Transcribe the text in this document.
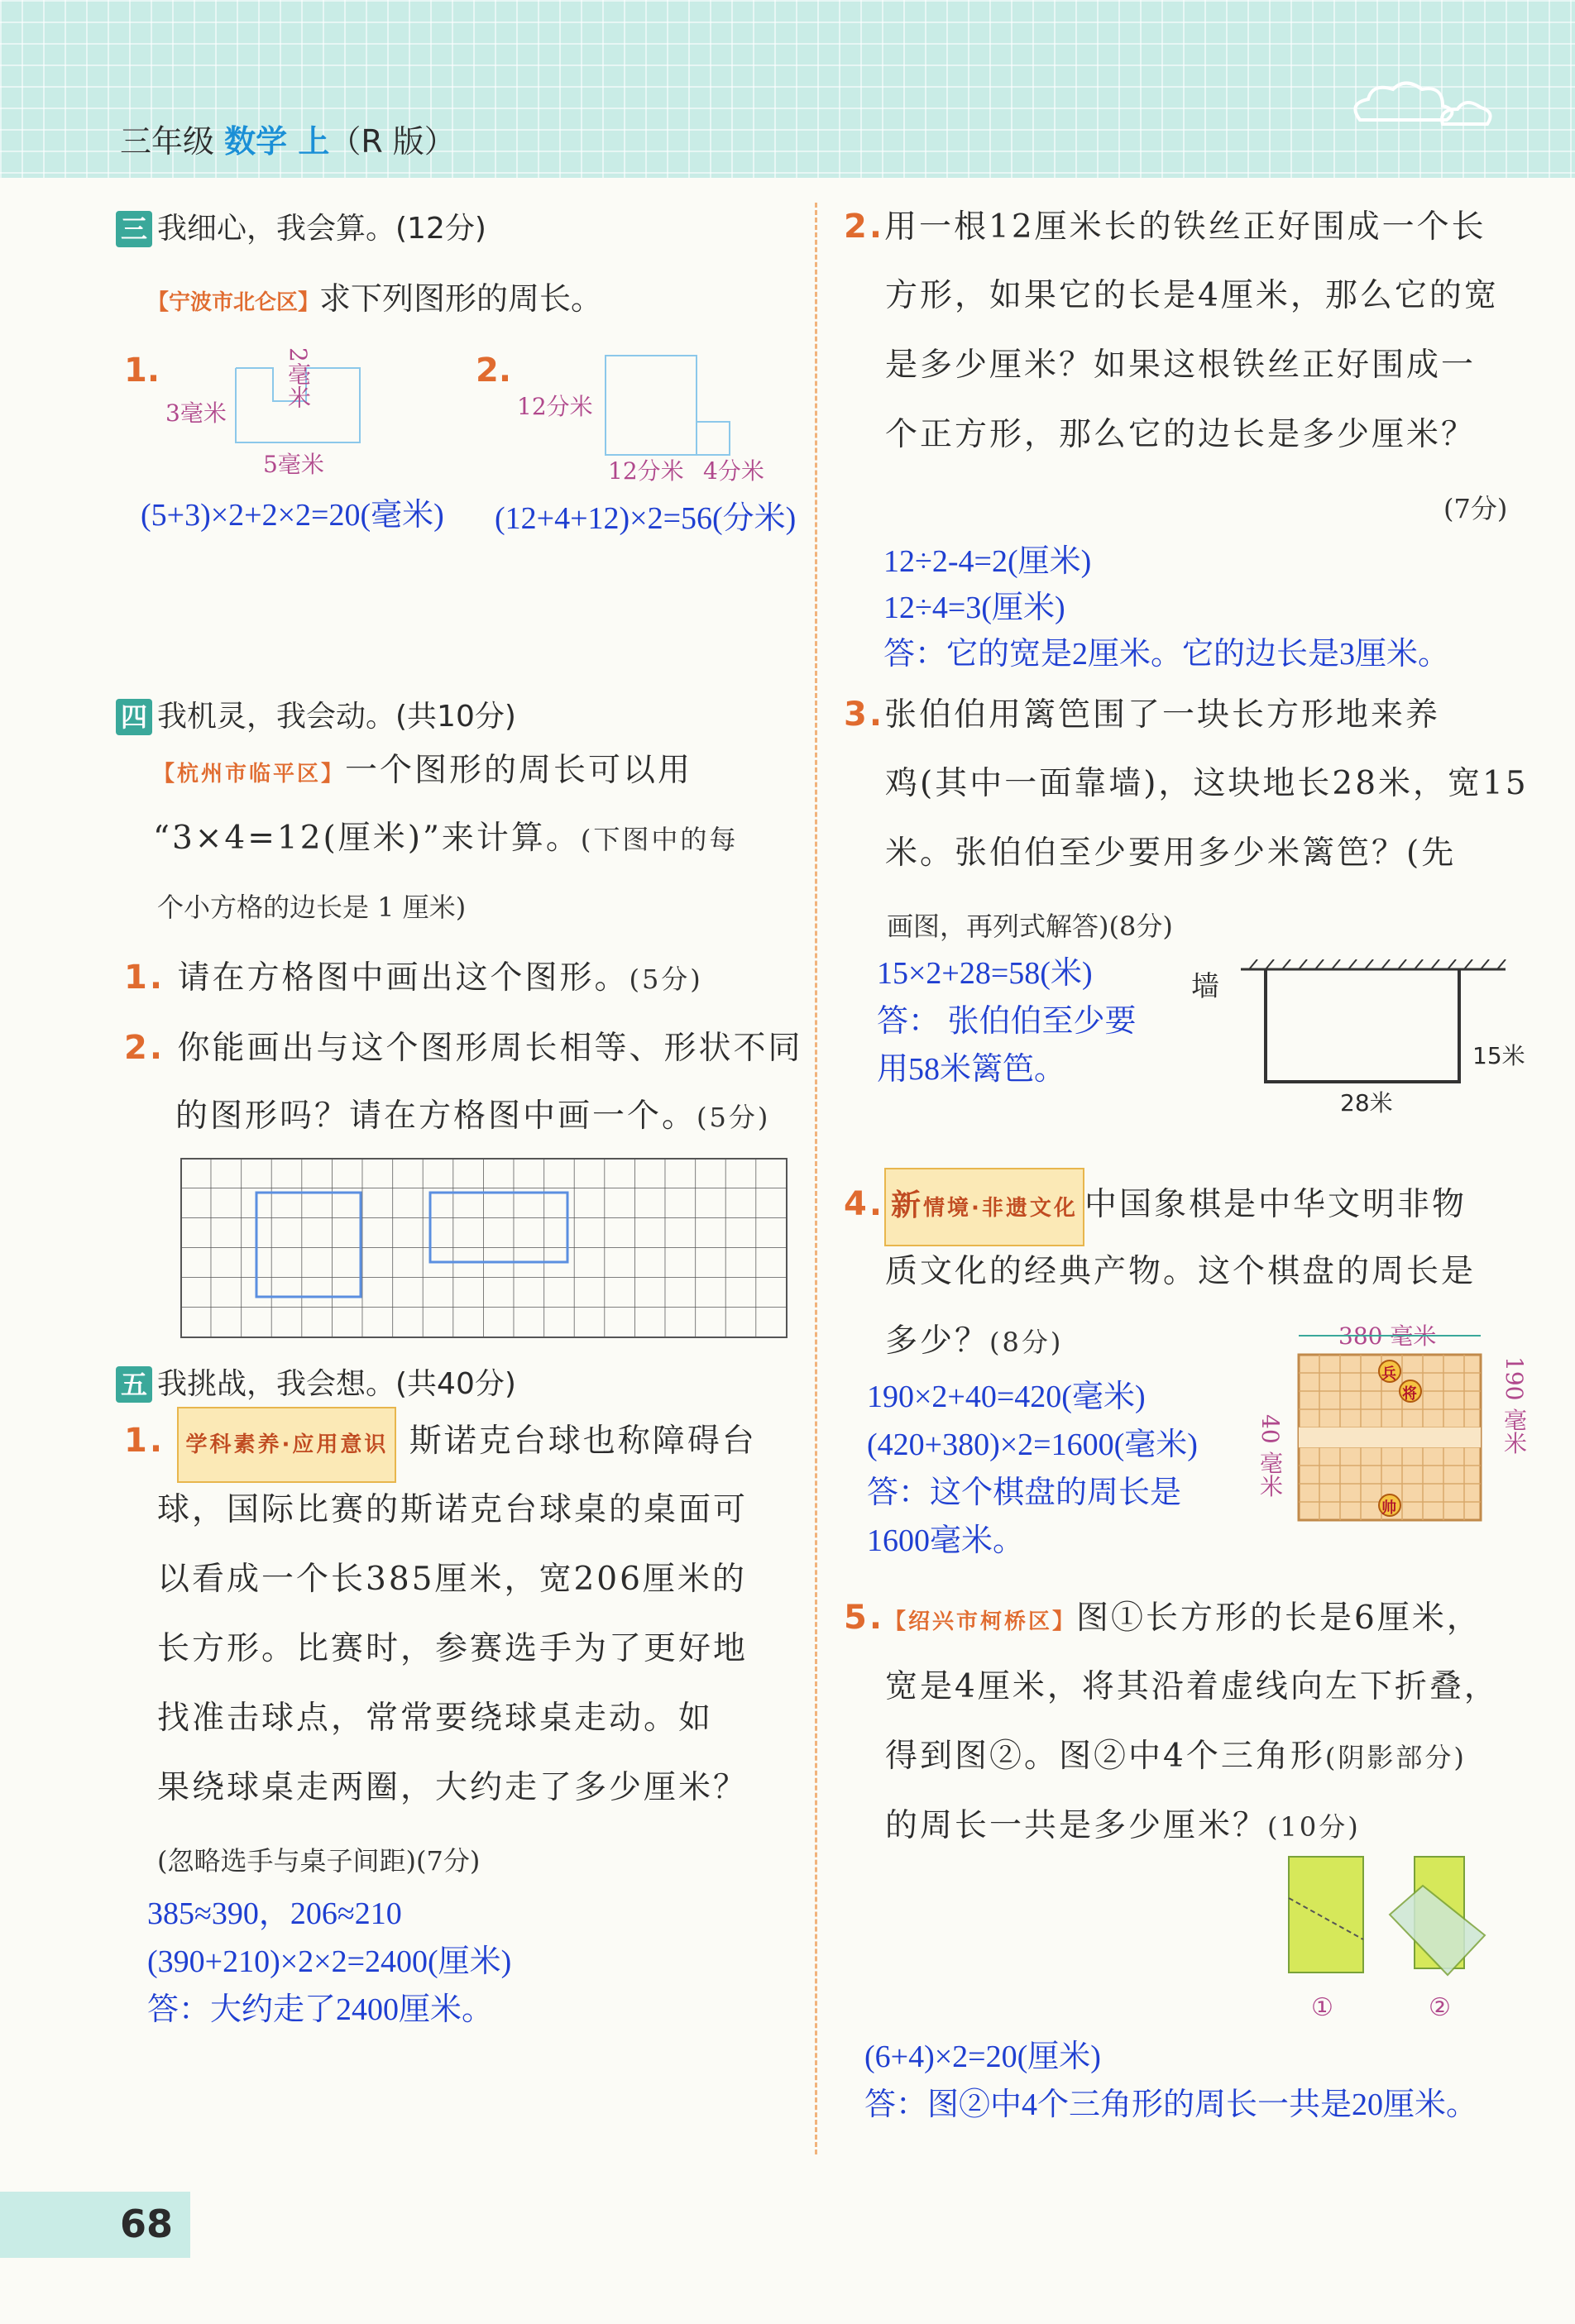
三年级 数学 上（R 版）
三 我细心，我会算。(12分)
【宁波市北仑区】求下列图形的周长。
1.
3毫米
2毫米
5毫米
(5+3)×2+2×2=20(毫米)
2.
12分米
12分米 4分米
(12+4+12)×2=56(分米)
四 我机灵，我会动。(共10分)
【杭州市临平区】一个图形的周长可以用
“3×4=12(厘米)”来计算。(下图中的每
个小方格的边长是 1 厘米)
1. 请在方格图中画出这个图形。(5分)
2. 你能画出与这个图形周长相等、形状不同
的图形吗？请在方格图中画一个。(5分)
五 我挑战，我会想。(共40分)
1. 学科素养·应用意识 斯诺克台球也称障碍台
球，国际比赛的斯诺克台球桌的桌面可
以看成一个长385厘米，宽206厘米的
长方形。比赛时，参赛选手为了更好地
找准击球点，常常要绕球桌走动。如
果绕球桌走两圈，大约走了多少厘米？
(忽略选手与桌子间距)(7分)
385≈390，206≈210
(390+210)×2×2=2400(厘米)
答：大约走了2400厘米。
2.用一根12厘米长的铁丝正好围成一个长
方形，如果它的长是4厘米，那么它的宽
是多少厘米？如果这根铁丝正好围成一
个正方形，那么它的边长是多少厘米？
(7分)
12÷2-4=2(厘米)
12÷4=3(厘米)
答：它的宽是2厘米。它的边长是3厘米。
3.张伯伯用篱笆围了一块长方形地来养
鸡(其中一面靠墙)，这块地长28米，宽15
米。张伯伯至少要用多少米篱笆？(先
画图，再列式解答)(8分)
15×2+28=58(米)
答： 张伯伯至少要
用58米篱笆。
墙
15米
28米
4. 新情境·非遗文化 中国象棋是中华文明非物
质文化的经典产物。这个棋盘的周长是
多少？(8分)
190×2+40=420(毫米)
(420+380)×2=1600(毫米)
答：这个棋盘的周长是
1600毫米。
380 毫米
兵
将
帅
190 毫米
40 毫米
5.【绍兴市柯桥区】图①长方形的长是6厘米，
宽是4厘米，将其沿着虚线向左下折叠，
得到图②。图②中4个三角形(阴影部分)
的周长一共是多少厘米？(10分)
①	②
(6+4)×2=20(厘米)
答：图②中4个三角形的周长一共是20厘米。
68
